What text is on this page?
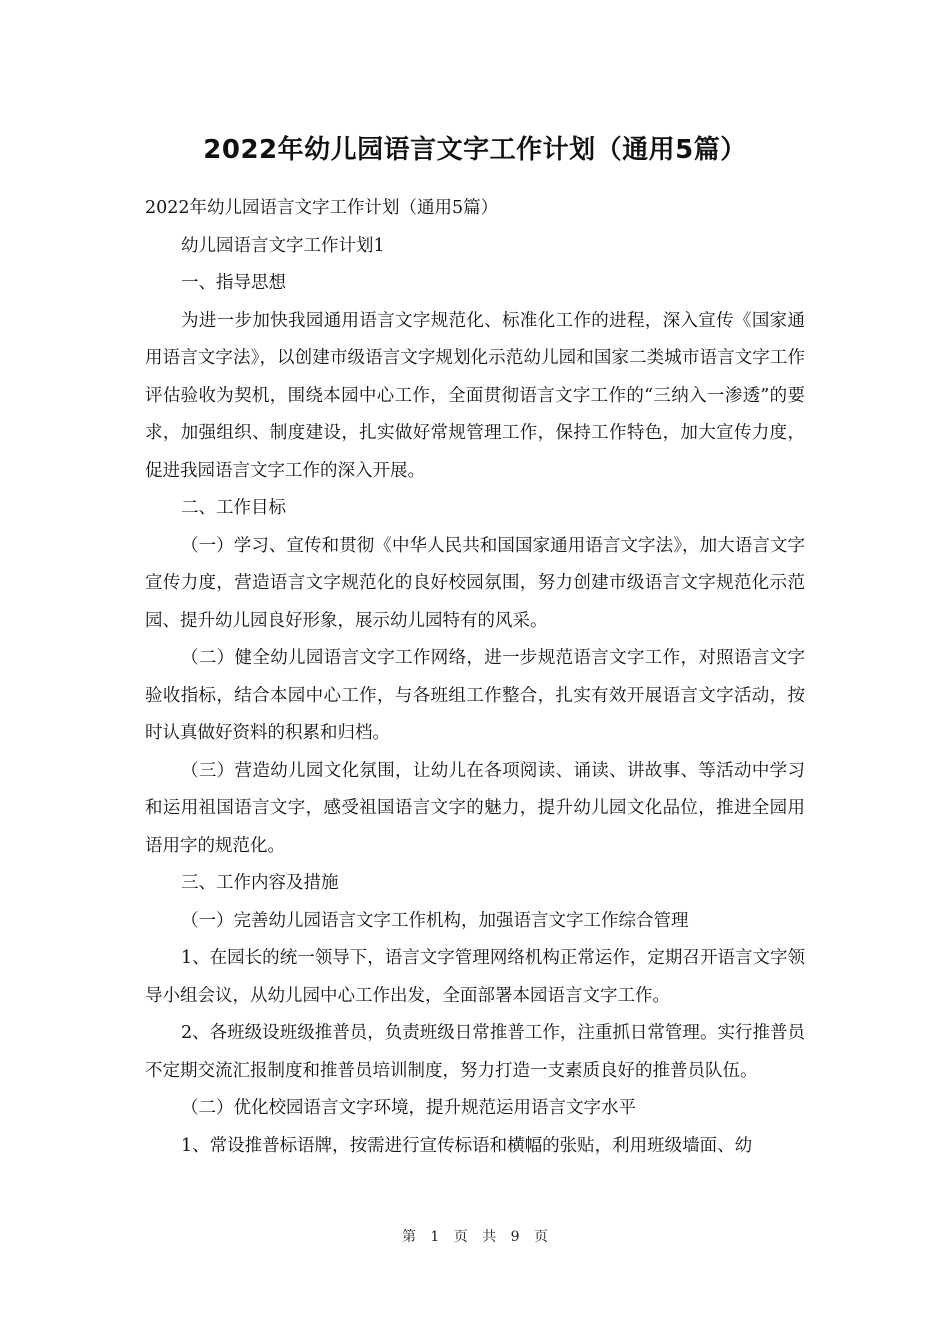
2022年幼儿园语言文字工作计划（通用5篇）

2022年幼儿园语言文字工作计划（通用5篇）

幼儿园语言文字工作计划1

一、指导思想

为进一步加快我园通用语言文字规范化、标准化工作的进程，深入宣传《国家通用语言文字法》，以创建市级语言文字规划化示范幼儿园和国家二类城市语言文字工作评估验收为契机，围绕本园中心工作，全面贯彻语言文字工作的“三纳入一渗透”的要求，加强组织、制度建设，扎实做好常规管理工作，保持工作特色，加大宣传力度，促进我园语言文字工作的深入开展。

二、工作目标

（一）学习、宣传和贯彻《中华人民共和国国家通用语言文字法》，加大语言文字宣传力度，营造语言文字规范化的良好校园氛围，努力创建市级语言文字规范化示范园、提升幼儿园良好形象，展示幼儿园特有的风采。

（二）健全幼儿园语言文字工作网络，进一步规范语言文字工作，对照语言文字验收指标，结合本园中心工作，与各班组工作整合，扎实有效开展语言文字活动，按时认真做好资料的积累和归档。

（三）营造幼儿园文化氛围，让幼儿在各项阅读、诵读、讲故事、等活动中学习和运用祖国语言文字，感受祖国语言文字的魅力，提升幼儿园文化品位，推进全园用语用字的规范化。

三、工作内容及措施

（一）完善幼儿园语言文字工作机构，加强语言文字工作综合管理

1、在园长的统一领导下，语言文字管理网络机构正常运作，定期召开语言文字领导小组会议，从幼儿园中心工作出发，全面部署本园语言文字工作。

2、各班级设班级推普员，负责班级日常推普工作，注重抓日常管理。实行推普员不定期交流汇报制度和推普员培训制度，努力打造一支素质良好的推普员队伍。

（二）优化校园语言文字环境，提升规范运用语言文字水平

1、常设推普标语牌，按需进行宣传标语和横幅的张贴，利用班级墙面、幼

第 1 页 共 9 页
